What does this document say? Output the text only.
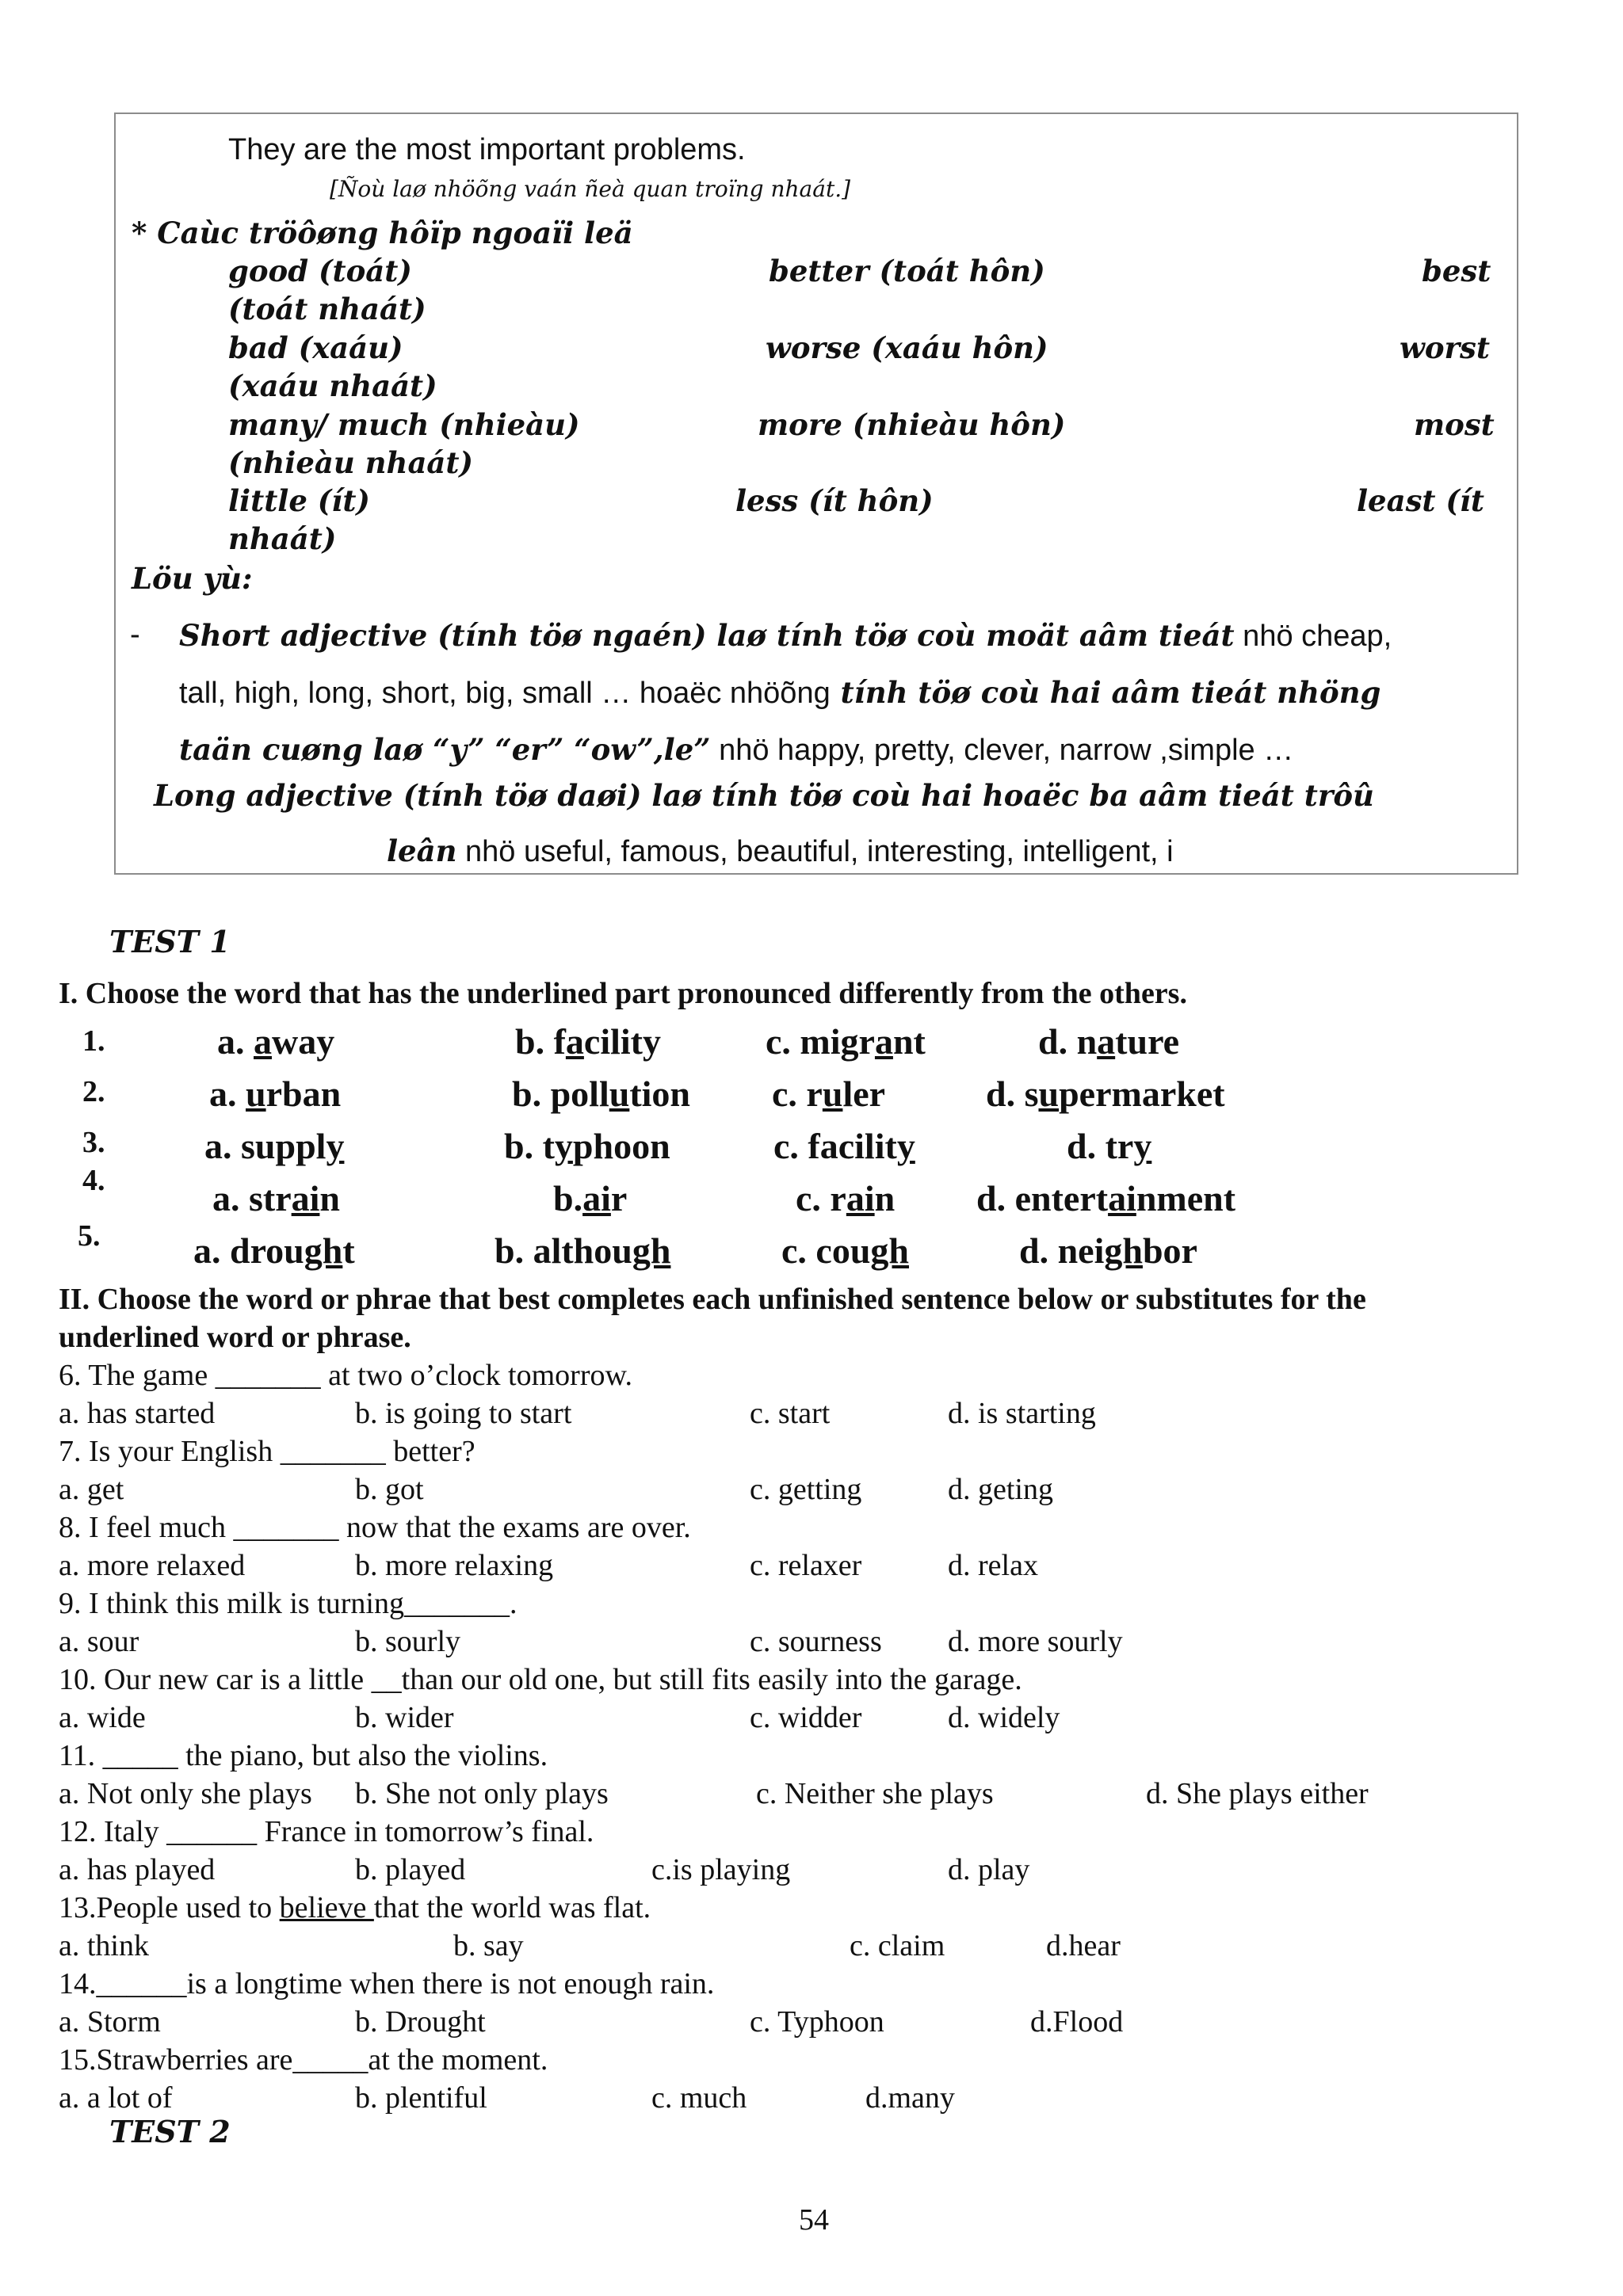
They are the most important problems.
[Ñoù laø nhöõng vaán ñeà quan troïng nhaát.]
* Caùc tröôøng hôïp ngoaïi leä
good (toát)	better (toát hôn)	best
(toát nhaát)
bad (xaáu)	worse (xaáu hôn)	worst
(xaáu nhaát)
many/ much (nhieàu)	more (nhieàu hôn)	most
(nhieàu nhaát)
little (ít)	less (ít hôn)	least (ít
nhaát)
Löu yù:
- Short adjective (tính töø ngaén) laø tính töø coù moät aâm tieát nhö cheap,
tall, high, long, short, big, small … hoaëc nhöõng tính töø coù hai aâm tieát nhöng
taän cuøng laø “y” “er” “ow”,le” nhö happy, pretty, clever, narrow ,simple …
Long adjective (tính töø daøi) laø tính töø coù hai hoaëc ba aâm tieát trôû
leân nhö useful, famous, beautiful, interesting, intelligent, i
TEST 1
I. Choose the word that has the underlined part pronounced differently from the others.
1.	a. away	b. facility	c. migrant	d. nature
2.	a. urban	b. pollution c. ruler	d. supermarket
3.	a. supply	b. typhoon	c. facility	d. try
4.	a. strain	b.air	c. rain d. entertainment
5.	a. drought	b. although	c. cough	d. neighbor
II. Choose the word or phrae that best completes each unfinished sentence below or substitutes for the
underlined word or phrase.
6. The game _______ at two o’clock tomorrow.
a. has started	b. is going to start	c. start	d. is starting
7. Is your English _______ better?
a. get	b. got	c. getting	d. geting
8. I feel much _______ now that the exams are over.
a. more relaxed	b. more relaxing	c. relaxer	d. relax
9. I think this milk is turning_______.
a. sour	b. sourly	c. sourness d. more sourly
10. Our new car is a little __than our old one, but still fits easily into the garage.
a. wide	b. wider	c. widder	d. widely
11. _____ the piano, but also the violins.
a. Not only she plays b. She not only plays	c. Neither she plays	d. She plays either
12. Italy ______ France in tomorrow’s final.
a. has played	b. played	c.is playing	d. play
13.People used to believe that the world was flat.
a. think	b. say	c. claim	d.hear
14.______is a longtime when there is not enough rain.
a. Storm	b. Drought	c. Typhoon	d.Flood
15.Strawberries are_____at the moment.
a. a lot of	b. plentiful	c. much	d.many
TEST 2
54
